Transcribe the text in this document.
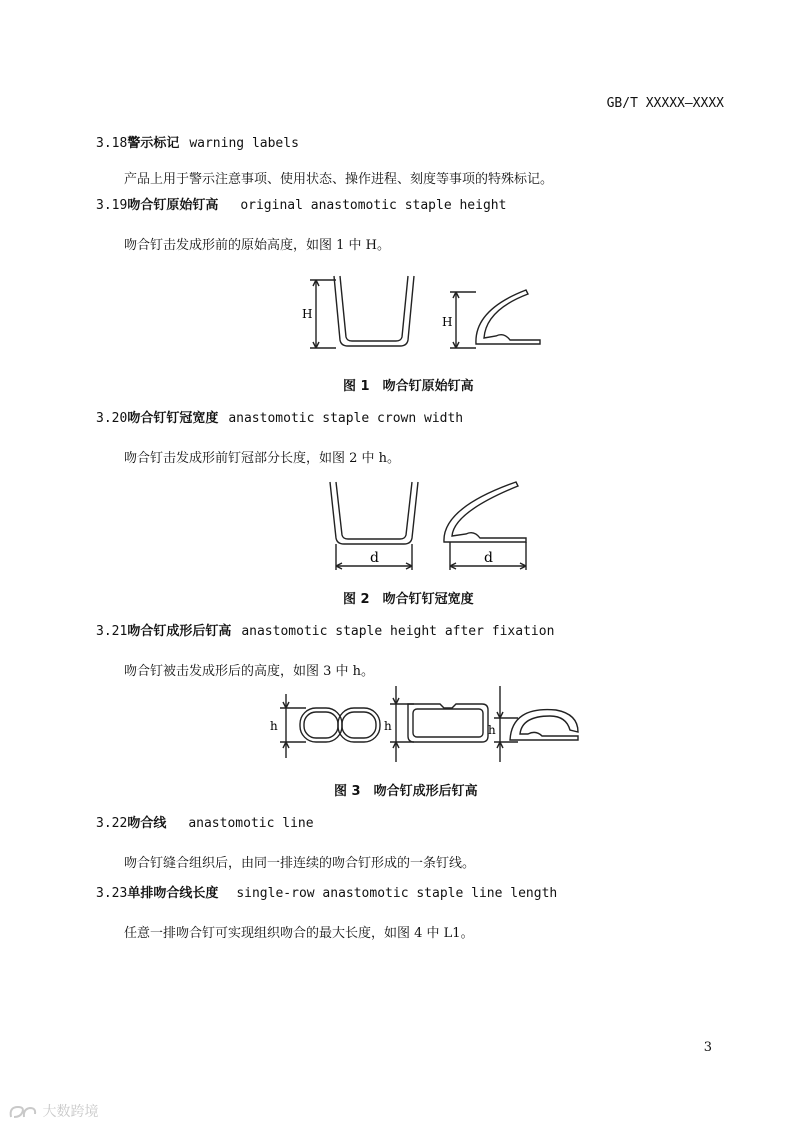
GB/T XXXXX—XXXX
3.18警示标记 warning labels
产品上用于警示注意事项、使用状态、操作进程、刻度等事项的特殊标记。
3.19吻合钉原始钉高 original anastomotic staple height
吻合钉击发成形前的原始高度，如图 1 中 H。
H
H
图 1　吻合钉原始钉高
3.20吻合钉钉冠宽度 anastomotic staple crown width
吻合钉击发成形前钉冠部分长度，如图 2 中 h。
d	d
图 2　吻合钉钉冠宽度
3.21吻合钉成形后钉高 anastomotic staple height after fixation
吻合钉被击发成形后的高度，如图 3 中 h。
h	h	h
图 3　吻合钉成形后钉高
3.22吻合线 anastomotic line
吻合钉缝合组织后，由同一排连续的吻合钉形成的一条钉线。
3.23单排吻合线长度 single-row anastomotic staple line length
任意一排吻合钉可实现组织吻合的最大长度，如图 4 中 L1。
3
大数跨境
